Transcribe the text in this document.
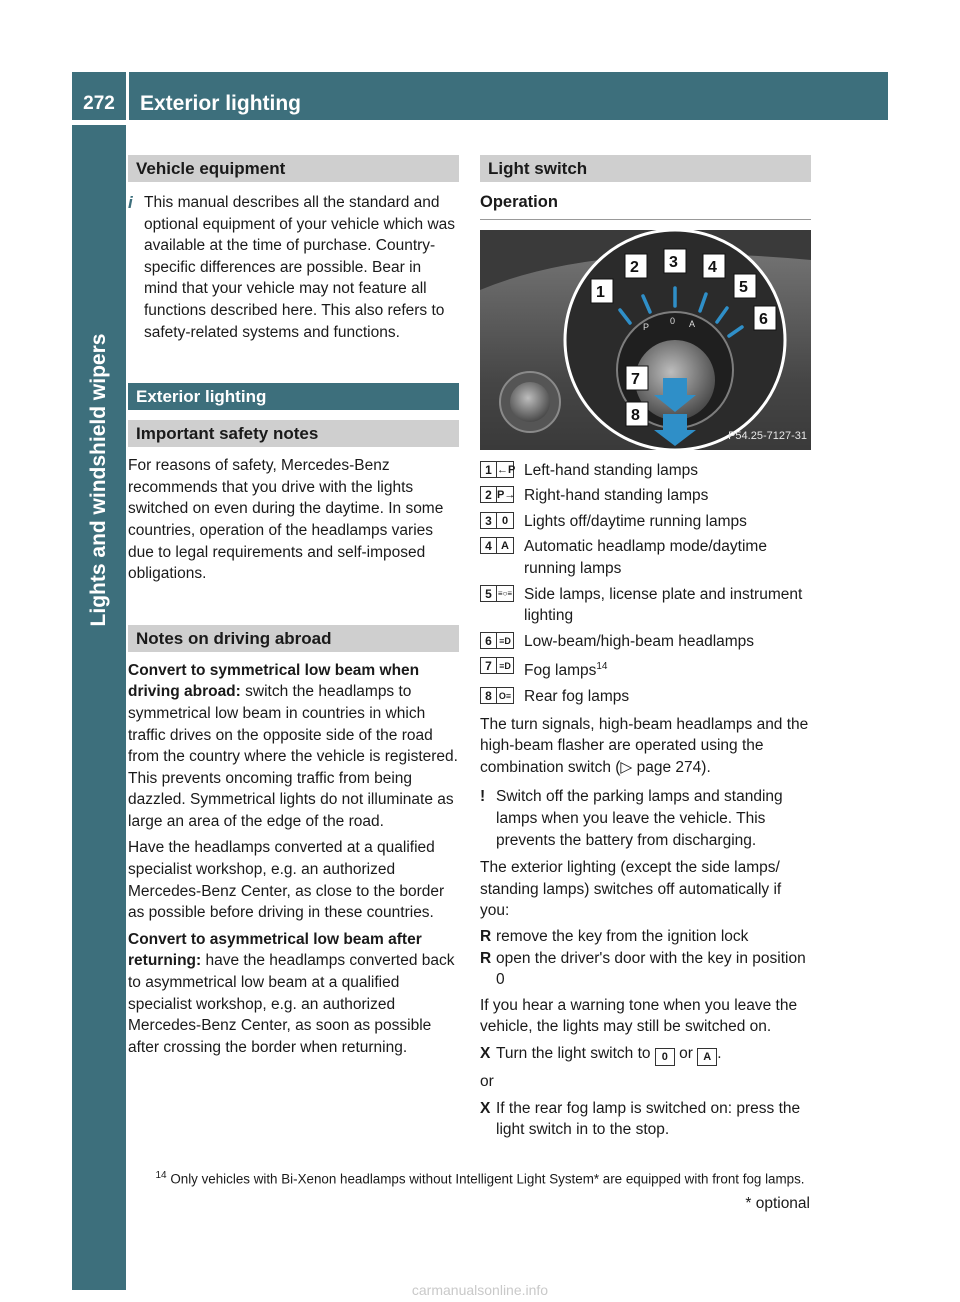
272	Exterior lighting
Lights and windshield wipers
Vehicle equipment
i This manual describes all the standard and optional equipment of your vehicle which was available at the time of purchase. Country-specific differences are possible. Bear in mind that your vehicle may not feature all functions described here. This also refers to safety-related systems and functions.

Exterior lighting
Important safety notes

For reasons of safety, Mercedes-Benz recommends that you drive with the lights switched on even during the daytime. In some countries, operation of the headlamps varies due to legal requirements and self-imposed obligations.

Notes on driving abroad

Convert to symmetrical low beam when driving abroad: switch the headlamps to symmetrical low beam in countries in which traffic drives on the opposite side of the road from the country where the vehicle is registered. This prevents oncoming traffic from being dazzled. Symmetrical lights do not illuminate as large an area of the edge of the road.

Have the headlamps converted at a qualified specialist workshop, e.g. an authorized Mercedes-Benz Center, as close to the border as possible before driving in these countries.

Convert to asymmetrical low beam after returning: have the headlamps converted back to asymmetrical low beam at a qualified specialist workshop, e.g. an authorized Mercedes-Benz Center, as soon as possible after crossing the border when returning.

Light switch
Operation
P
0 A
1
2 3 4
5
6
7
8
P54.25-7127-31
1 ←P Left-hand standing lamps
2 P→ Right-hand standing lamps
3 0	Lights off/daytime running lamps
4 A Automatic headlamp mode/daytime running lamps
5 ≡○≡ Side lamps, license plate and instrument lighting
6 ≡D Low-beam/high-beam headlamps
7 ≡D Fog lamps$^{14}$
8 O≡ Rear fog lamps

The turn signals, high-beam headlamps and the high-beam flasher are operated using the combination switch (▷ page 274).

! Switch off the parking lamps and standing lamps when you leave the vehicle. This prevents the battery from discharging.

The exterior lighting (except the side lamps/ standing lamps) switches off automatically if you:

R remove the key from the ignition lock
R open the driver's door with the key in position 0

If you hear a warning tone when you leave the vehicle, the lights may still be switched on.

X Turn the light switch to 0 or A .

or

X If the rear fog lamp is switched on: press the light switch in to the stop.
$^{14}$ Only vehicles with Bi-Xenon headlamps without Intelligent Light System* are equipped with front fog lamps.
* optional
carmanualsonline.info
